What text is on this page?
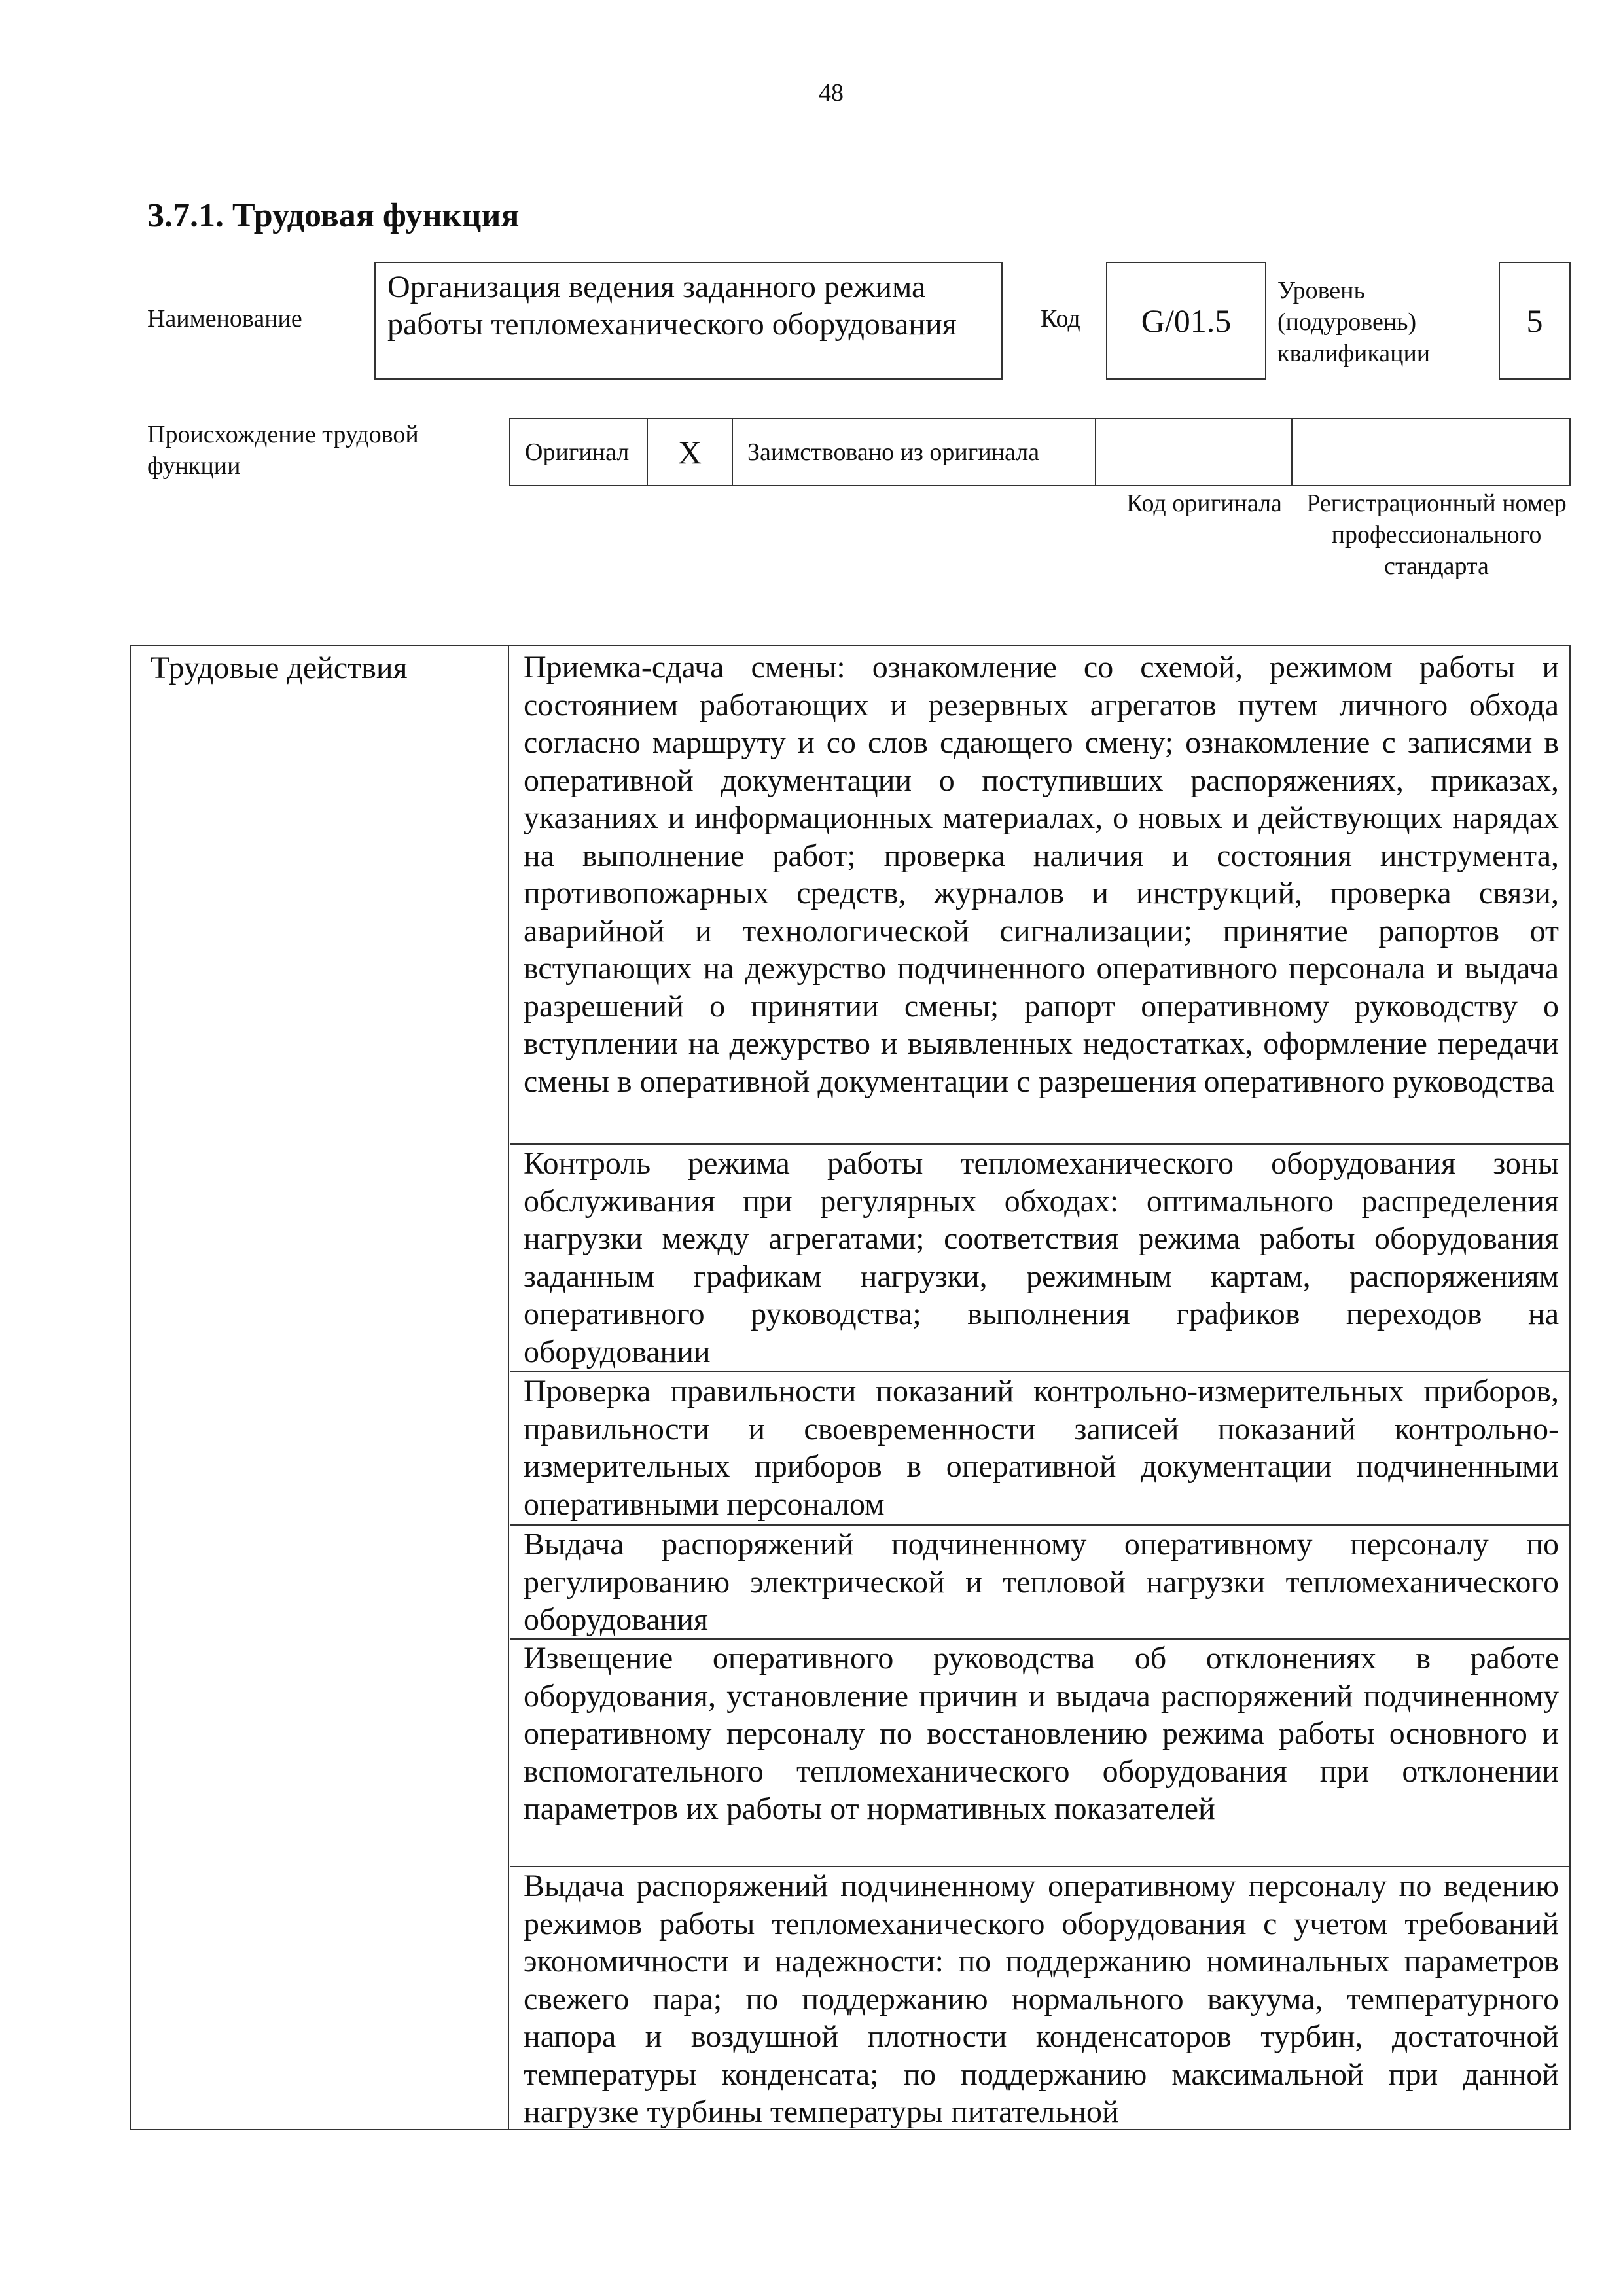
48
3.7.1. Трудовая функция
Наименование
Организация ведения заданного режима работы тепломеханического оборудования	Код	G/01.5
Уровень (подуровень) квалификации
5
Происхождение трудовой функции
Оригинал	X	Заимствовано из оригинала
Код оригинала Регистрационный номер профессионального стандарта
Трудовые действия	Приемка-сдача смены: ознакомление со схемой, режимом работы и состоянием работающих и резервных агрегатов путем личного обхода согласно маршруту и со слов сдающего смену; ознакомление с записями в оперативной документации о поступивших распоряжениях, приказах, указаниях и информационных материалах, о новых и действующих нарядах на выполнение работ; проверка наличия и состояния инструмента, противопожарных средств, журналов и инструкций, проверка связи, аварийной и технологической сигнализации; принятие рапортов от вступающих на дежурство подчиненного оперативного персонала и выдача разрешений о принятии смены; рапорт оперативному руководству о вступлении на дежурство и выявленных недостатках, оформление передачи смены в оперативной документации с разрешения оперативного руководства
Контроль режима работы тепломеханического оборудования зоны обслуживания при регулярных обходах: оптимального распределения нагрузки между агрегатами; соответствия режима работы оборудования заданным графикам нагрузки, режимным картам, распоряжениям оперативного руководства; выполнения графиков переходов на оборудовании
Проверка правильности показаний контрольно-измерительных приборов, правильности и своевременности записей показаний контрольно-измерительных приборов в оперативной документации подчиненными оперативными персоналом
Выдача распоряжений подчиненному оперативному персоналу по регулированию электрической и тепловой нагрузки тепломеханического оборудования
Извещение оперативного руководства об отклонениях в работе оборудования, установление причин и выдача распоряжений подчиненному оперативному персоналу по восстановлению режима работы основного и вспомогательного тепломеханического оборудования при отклонении параметров их работы от нормативных показателей
Выдача распоряжений подчиненному оперативному персоналу по ведению режимов работы тепломеханического оборудования с учетом требований экономичности и надежности: по поддержанию номинальных параметров свежего пара; по поддержанию нормального вакуума, температурного напора и воздушной плотности конденсаторов турбин, достаточной температуры конденсата; по поддержанию максимальной при данной нагрузке турбины температуры питательной
